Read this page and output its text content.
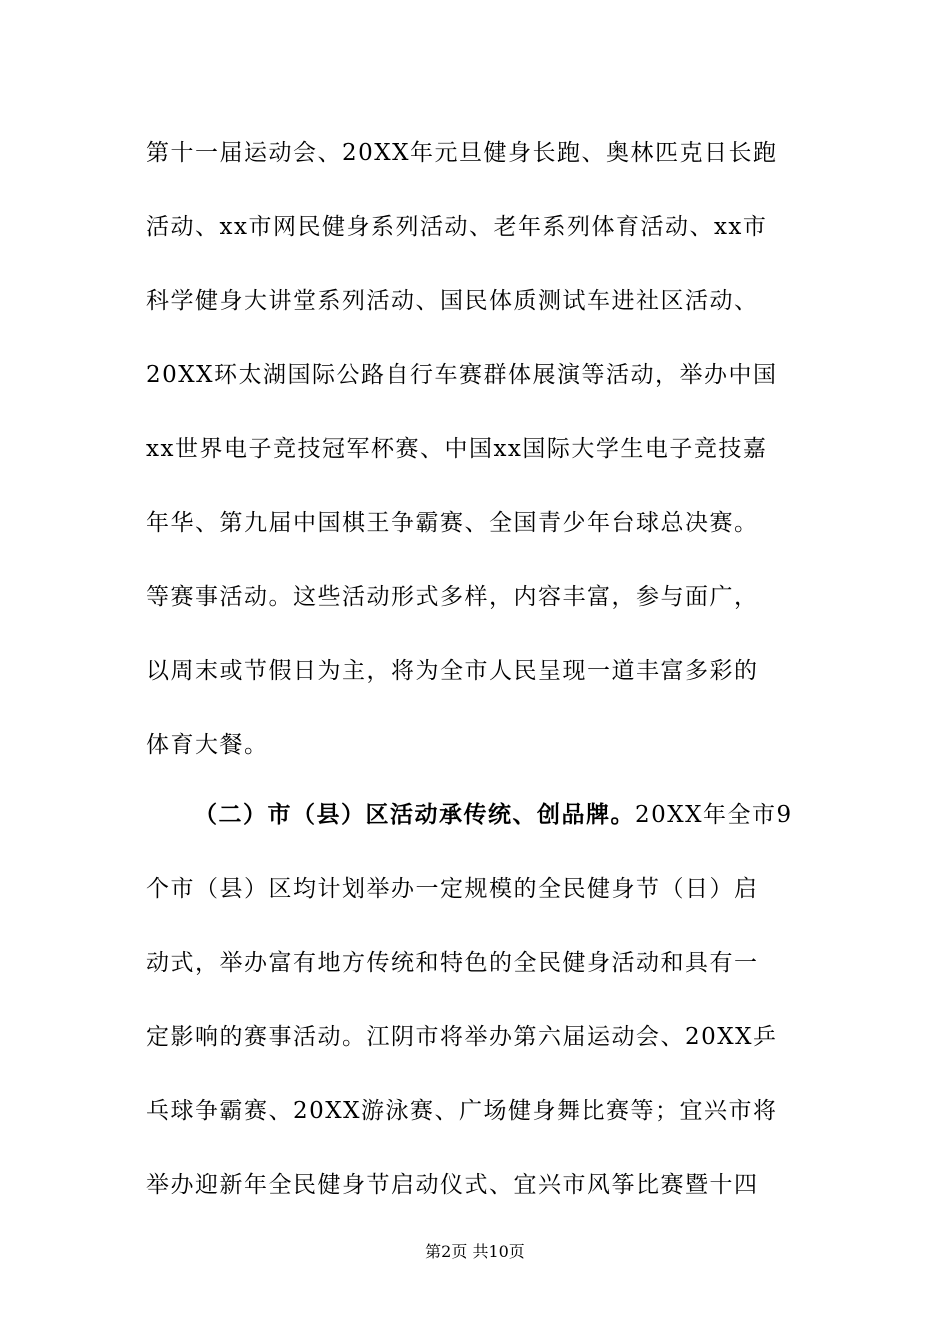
第十一届运动会、20XX年元旦健身长跑、奥林匹克日长跑
活动、xx市网民健身系列活动、老年系列体育活动、xx市
科学健身大讲堂系列活动、国民体质测试车进社区活动、
20XX环太湖国际公路自行车赛群体展演等活动，举办中国
xx世界电子竞技冠军杯赛、中国xx国际大学生电子竞技嘉
年华、第九届中国棋王争霸赛、全国青少年台球总决赛。
等赛事活动。这些活动形式多样，内容丰富，参与面广，
以周末或节假日为主，将为全市人民呈现一道丰富多彩的
体育大餐。
（二）市（县）区活动承传统、创品牌。20XX年全市9
个市（县）区均计划举办一定规模的全民健身节（日）启
动式，举办富有地方传统和特色的全民健身活动和具有一
定影响的赛事活动。江阴市将举办第六届运动会、20XX乒
乓球争霸赛、20XX游泳赛、广场健身舞比赛等；宜兴市将
举办迎新年全民健身节启动仪式、宜兴市风筝比赛暨十四
第2页 共10页
